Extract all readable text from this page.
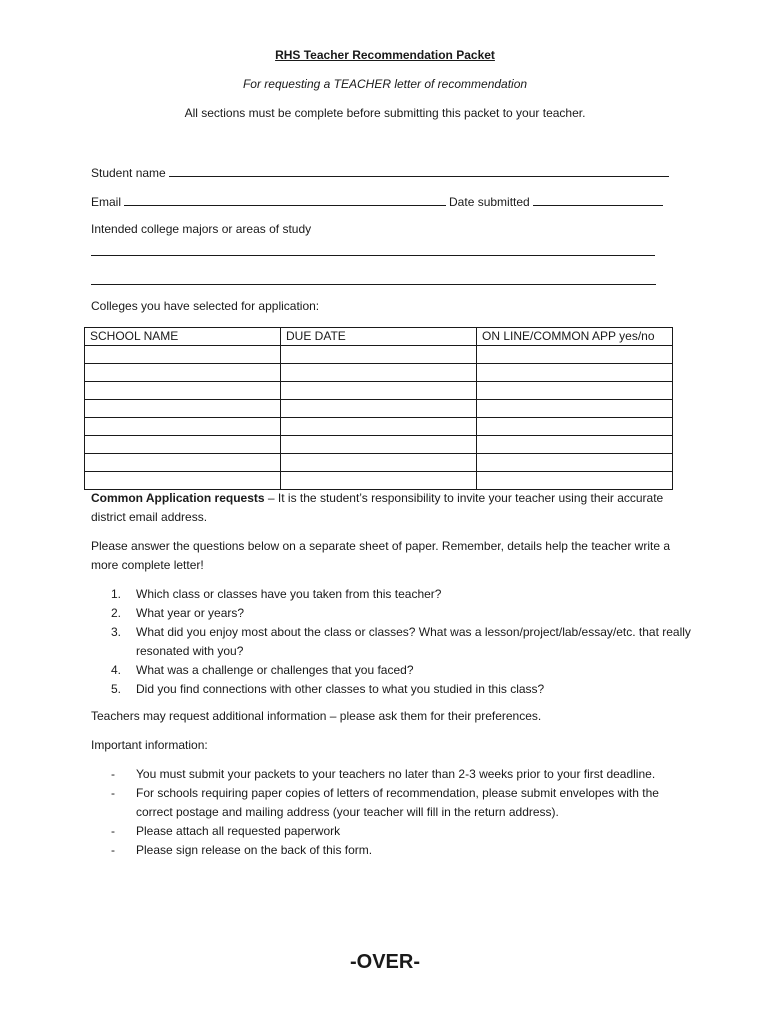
RHS Teacher Recommendation Packet
For requesting a TEACHER letter of recommendation
All sections must be complete before submitting this packet to your teacher.
Student name
Email	Date submitted
Intended college majors or areas of study
Colleges you have selected for application:
SCHOOL NAME	DUE DATE	ON LINE/COMMON APP yes/no

Common Application requests – It is the student’s responsibility to invite your teacher using their accurate district email address.
Please answer the questions below on a separate sheet of paper. Remember, details help the teacher write a more complete letter!
1.	Which class or classes have you taken from this teacher?
2.	What year or years?
3.	What did you enjoy most about the class or classes? What was a lesson/project/lab/essay/etc. that really resonated with you?
4.	What was a challenge or challenges that you faced?
5.	Did you find connections with other classes to what you studied in this class?
Teachers may request additional information – please ask them for their preferences.
Important information:
-	You must submit your packets to your teachers no later than 2-3 weeks prior to your first deadline.
-	For schools requiring paper copies of letters of recommendation, please submit envelopes with the correct postage and mailing address (your teacher will fill in the return address).
-	Please attach all requested paperwork
-	Please sign release on the back of this form.
-OVER-
